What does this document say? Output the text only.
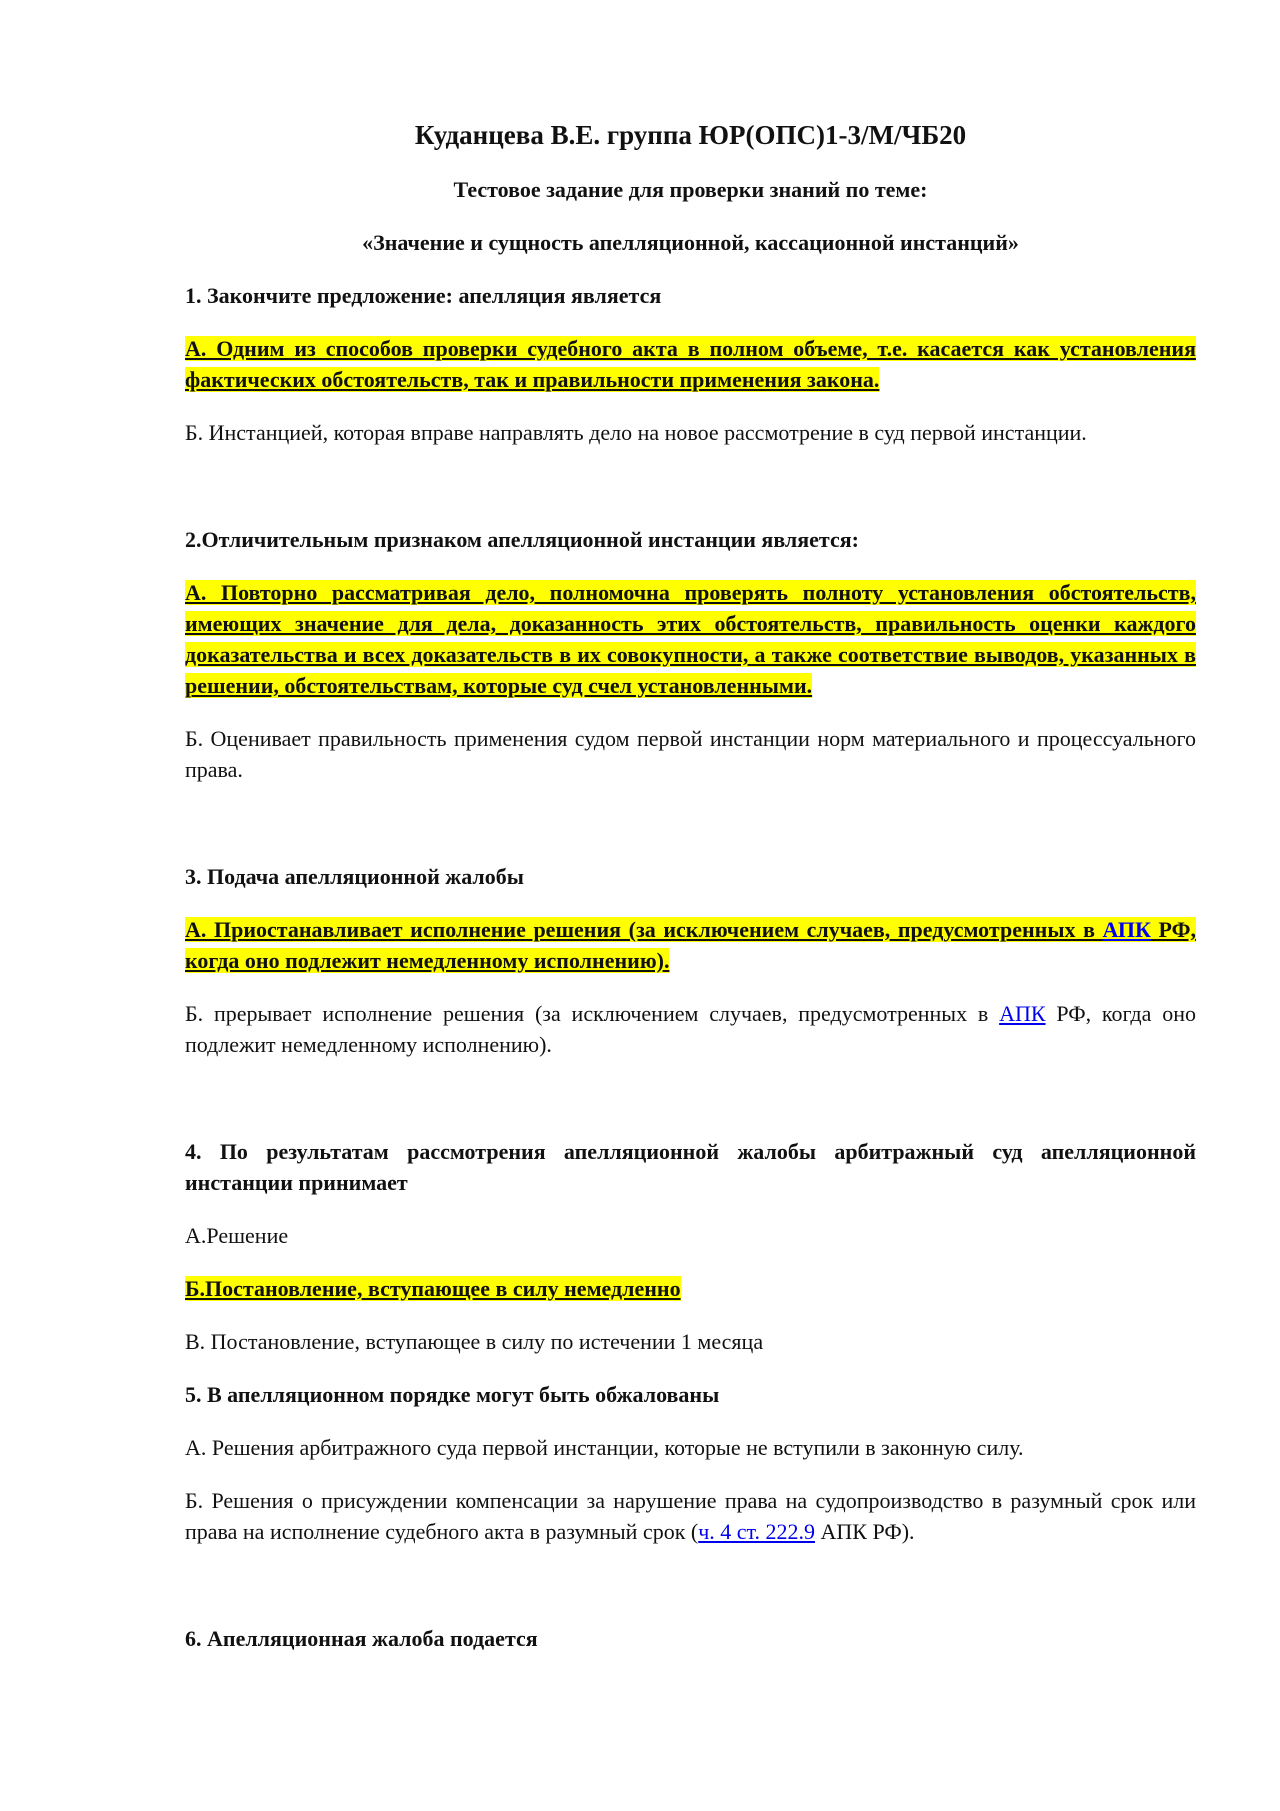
Куданцева В.Е. группа ЮР(ОПС)1-3/М/ЧБ20
Тестовое задание для проверки знаний по теме:
«Значение и сущность апелляционной, кассационной инстанций»
1. Закончите предложение: апелляция является
А. Одним из способов проверки судебного акта в полном объеме, т.е. касается как установления фактических обстоятельств, так и правильности применения закона.
Б. Инстанцией, которая вправе направлять дело на новое рассмотрение в суд первой инстанции.
2.Отличительным признаком апелляционной инстанции является:
А. Повторно рассматривая дело, полномочна проверять полноту установления обстоятельств, имеющих значение для дела, доказанность этих обстоятельств, правильность оценки каждого доказательства и всех доказательств в их совокупности, а также соответствие выводов, указанных в решении, обстоятельствам, которые суд счел установленными.
Б. Оценивает правильность применения судом первой инстанции норм материального и процессуального права.
3. Подача апелляционной жалобы
А. Приостанавливает исполнение решения (за исключением случаев, предусмотренных в АПК РФ, когда оно подлежит немедленному исполнению).
Б. прерывает исполнение решения (за исключением случаев, предусмотренных в АПК РФ, когда оно подлежит немедленному исполнению).
4. По результатам рассмотрения апелляционной жалобы арбитражный суд апелляционной инстанции принимает
А.Решение
Б.Постановление, вступающее в силу немедленно
В. Постановление, вступающее в силу по истечении 1 месяца
5. В апелляционном порядке могут быть обжалованы
А. Решения арбитражного суда первой инстанции, которые не вступили в законную силу.
Б. Решения о присуждении компенсации за нарушение права на судопроизводство в разумный срок или права на исполнение судебного акта в разумный срок (ч. 4 ст. 222.9 АПК РФ).
6. Апелляционная жалоба подается
